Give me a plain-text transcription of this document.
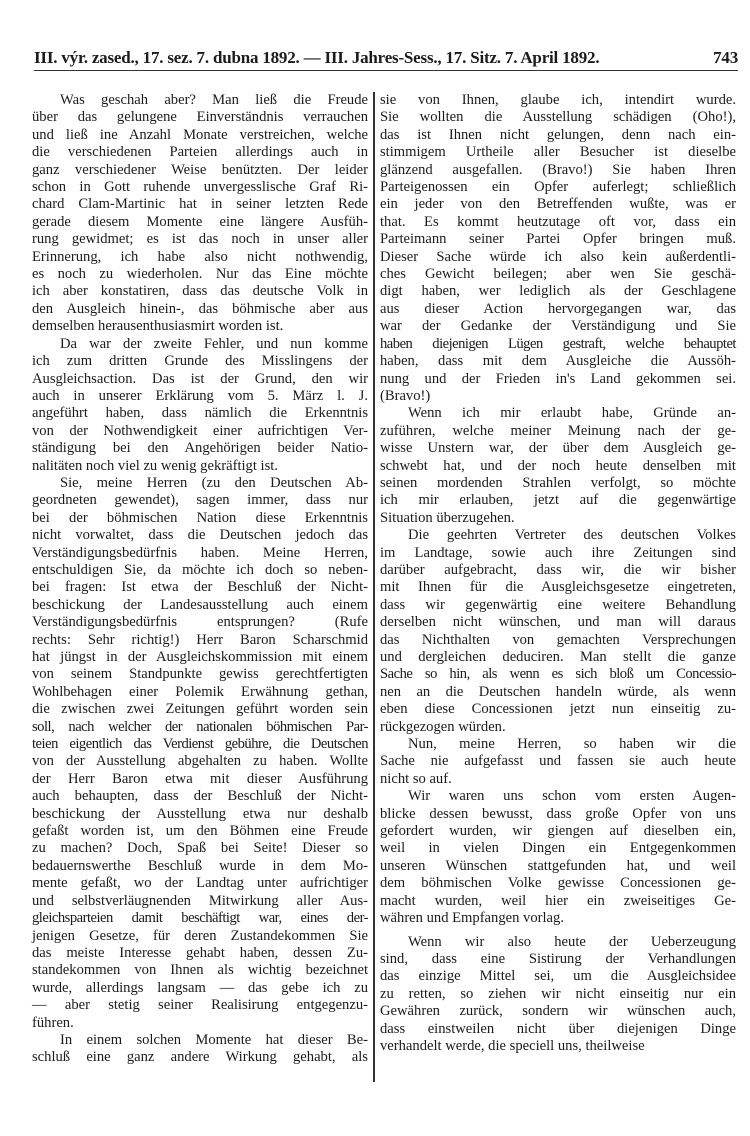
III. výr. zased., 17. sez. 7. dubna 1892. — III. Jahres-Sess., 17. Sitz. 7. April 1892.	743
Was geschah aber? Man ließ die Freude
über das gelungene Einverständnis verrauchen
und ließ ine Anzahl Monate verstreichen, welche
die verschiedenen Parteien allerdings auch in
ganz verschiedener Weise benützten. Der leider
schon in Gott ruhende unvergesslische Graf Ri-
chard Clam-Martinic hat in seiner letzten Rede
gerade diesem Momente eine längere Ausfüh-
rung gewidmet; es ist das noch in unser aller
Erinnerung, ich habe also nicht nothwendig,
es noch zu wiederholen. Nur das Eine möchte
ich aber konstatiren, dass das deutsche Volk in
den Ausgleich hinein-, das böhmische aber aus
demselben herausenthusiasmirt worden ist.
Da war der zweite Fehler, und nun komme
ich zum dritten Grunde des Misslingens der
Ausgleichsaction. Das ist der Grund, den wir
auch in unserer Erklärung vom 5. März l. J.
angeführt haben, dass nämlich die Erkenntnis
von der Nothwendigkeit einer aufrichtigen Ver-
ständigung bei den Angehörigen beider Natio-
nalitäten noch viel zu wenig gekräftigt ist.
Sie, meine Herren (zu den Deutschen Ab-
geordneten gewendet), sagen immer, dass nur
bei der böhmischen Nation diese Erkenntnis
nicht vorwaltet, dass die Deutschen jedoch das
Verständigungsbedürfnis haben. Meine Herren,
entschuldigen Sie, da möchte ich doch so neben-
bei fragen: Ist etwa der Beschluß der Nicht-
beschickung der Landesausstellung auch einem
Verständigungsbedürfnis entsprungen? (Rufe
rechts: Sehr richtig!) Herr Baron Scharschmid
hat jüngst in der Ausgleichskommission mit einem
von seinem Standpunkte gewiss gerechtfertigten
Wohlbehagen einer Polemik Erwähnung gethan,
die zwischen zwei Zeitungen geführt worden sein
soll, nach welcher der nationalen böhmischen Par-
teien eigentlich das Verdienst gebühre, die Deutschen
von der Ausstellung abgehalten zu haben. Wollte
der Herr Baron etwa mit dieser Ausführung
auch behaupten, dass der Beschluß der Nicht-
beschickung der Ausstellung etwa nur deshalb
gefaßt worden ist, um den Böhmen eine Freude
zu machen? Doch, Spaß bei Seite! Dieser so
bedauernswerthe Beschluß wurde in dem Mo-
mente gefaßt, wo der Landtag unter aufrichtiger
und selbstverläugnenden Mitwirkung aller Aus-
gleichsparteien damit beschäftigt war, eines der-
jenigen Gesetze, für deren Zustandekommen Sie
das meiste Interesse gehabt haben, dessen Zu-
standekommen von Ihnen als wichtig bezeichnet
wurde, allerdings langsam — das gebe ich zu
— aber stetig seiner Realisirung entgegenzu-
führen.
In einem solchen Momente hat dieser Be-
schluß eine ganz andere Wirkung gehabt, als
sie von Ihnen, glaube ich, intendirt wurde.
Sie wollten die Ausstellung schädigen (Oho!),
das ist Ihnen nicht gelungen, denn nach ein-
stimmigem Urtheile aller Besucher ist dieselbe
glänzend ausgefallen. (Bravo!) Sie haben Ihren
Parteigenossen ein Opfer auferlegt; schließlich
ein jeder von den Betreffenden wußte, was er
that. Es kommt heutzutage oft vor, dass ein
Parteimann seiner Partei Opfer bringen muß.
Dieser Sache würde ich also kein außerdentli-
ches Gewicht beilegen; aber wen Sie geschä-
digt haben, wer lediglich als der Geschlagene
aus dieser Action hervorgegangen war, das
war der Gedanke der Verständigung und Sie
haben diejenigen Lügen gestraft, welche behauptet
haben, dass mit dem Ausgleiche die Aussöh-
nung und der Frieden in's Land gekommen sei.
(Bravo!)
Wenn ich mir erlaubt habe, Gründe an-
zuführen, welche meiner Meinung nach der ge-
wisse Unstern war, der über dem Ausgleich ge-
schwebt hat, und der noch heute denselben mit
seinen mordenden Strahlen verfolgt, so möchte
ich mir erlauben, jetzt auf die gegenwärtige
Situation überzugehen.
Die geehrten Vertreter des deutschen Volkes
im Landtage, sowie auch ihre Zeitungen sind
darüber aufgebracht, dass wir, die wir bisher
mit Ihnen für die Ausgleichsgesetze eingetreten,
dass wir gegenwärtig eine weitere Behandlung
derselben nicht wünschen, und man will daraus
das Nichthalten von gemachten Versprechungen
und dergleichen deduciren. Man stellt die ganze
Sache so hin, als wenn es sich bloß um Concessio-
nen an die Deutschen handeln würde, als wenn
eben diese Concessionen jetzt nun einseitig zu-
rückgezogen würden.
Nun, meine Herren, so haben wir die
Sache nie aufgefasst und fassen sie auch heute
nicht so auf.
Wir waren uns schon vom ersten Augen-
blicke dessen bewusst, dass große Opfer von uns
gefordert wurden, wir giengen auf dieselben ein,
weil in vielen Dingen ein Entgegenkommen
unseren Wünschen stattgefunden hat, und weil
dem böhmischen Volke gewisse Concessionen ge-
macht wurden, weil hier ein zweiseitiges Ge-
währen und Empfangen vorlag.
Wenn wir also heute der Ueberzeugung
sind, dass eine Sistirung der Verhandlungen
das einzige Mittel sei, um die Ausgleichsidee
zu retten, so ziehen wir nicht einseitig nur ein
Gewähren zurück, sondern wir wünschen auch,
dass einstweilen nicht über diejenigen Dinge
verhandelt werde, die speciell uns, theilweise
